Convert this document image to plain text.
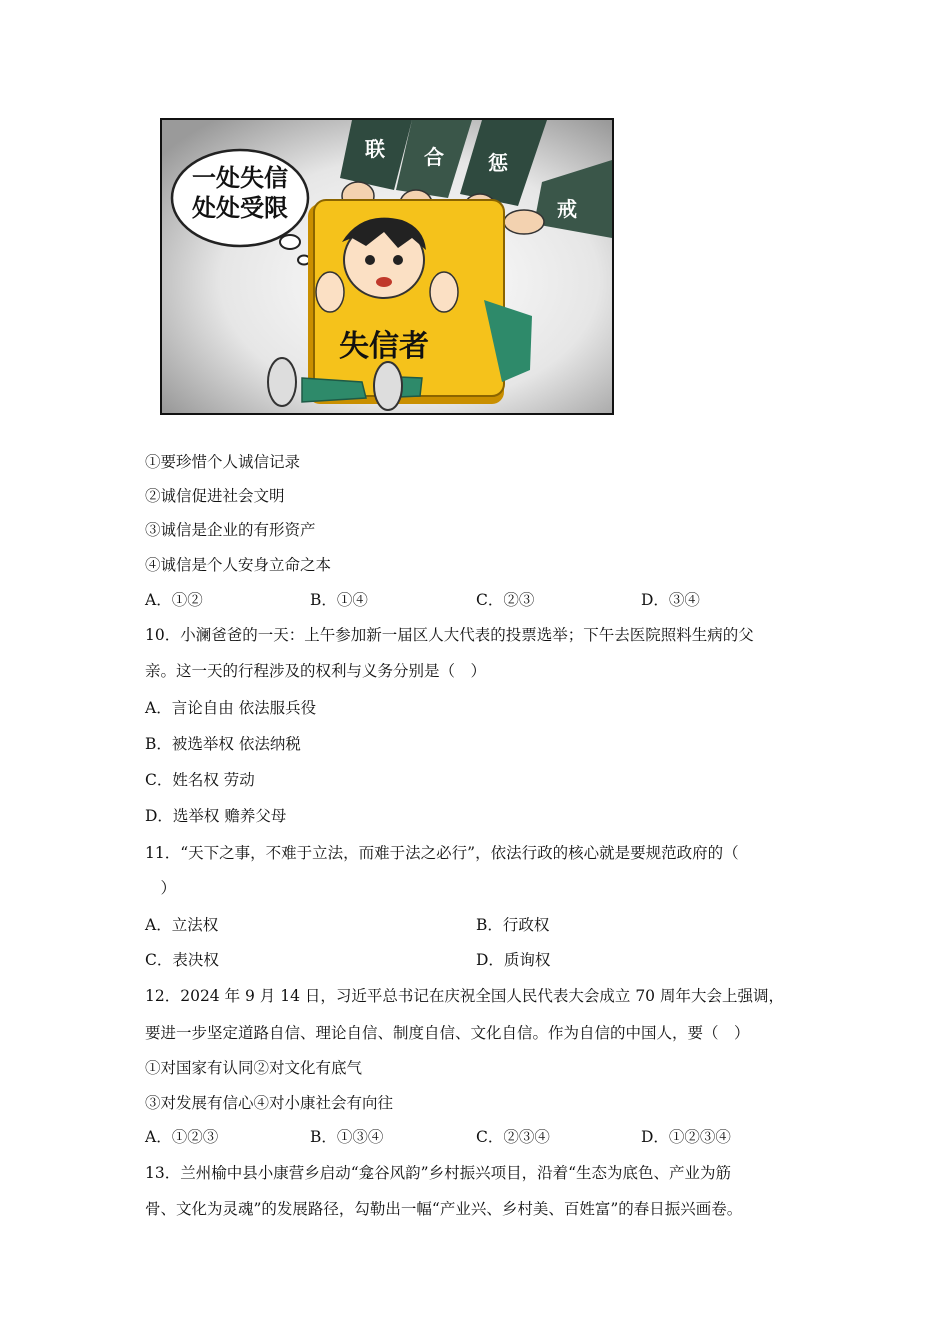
一处失信
处处受限
联 合 惩
戒
失信者
①要珍惜个人诚信记录
②诚信促进社会文明
③诚信是企业的有形资产
④诚信是个人安身立命之本
A．①②	B．①④	C．②③	D．③④
10．小澜爸爸的一天：上午参加新一届区人大代表的投票选举；下午去医院照料生病的父
亲。这一天的行程涉及的权利与义务分别是（　）
A．言论自由 依法服兵役
B．被选举权 依法纳税
C．姓名权 劳动
D．选举权 赡养父母
11．“天下之事，不难于立法，而难于法之必行”，依法行政的核心就是要规范政府的（
　）
A．立法权	B．行政权
C．表决权	D．质询权
12．2024 年 9 月 14 日，习近平总书记在庆祝全国人民代表大会成立 70 周年大会上强调，
要进一步坚定道路自信、理论自信、制度自信、文化自信。作为自信的中国人，要（　）
①对国家有认同②对文化有底气
③对发展有信心④对小康社会有向往
A．①②③	B．①③④	C．②③④	D．①②③④
13．兰州榆中县小康营乡启动“龛谷风韵”乡村振兴项目，沿着“生态为底色、产业为筋
骨、文化为灵魂”的发展路径，勾勒出一幅“产业兴、乡村美、百姓富”的春日振兴画卷。
